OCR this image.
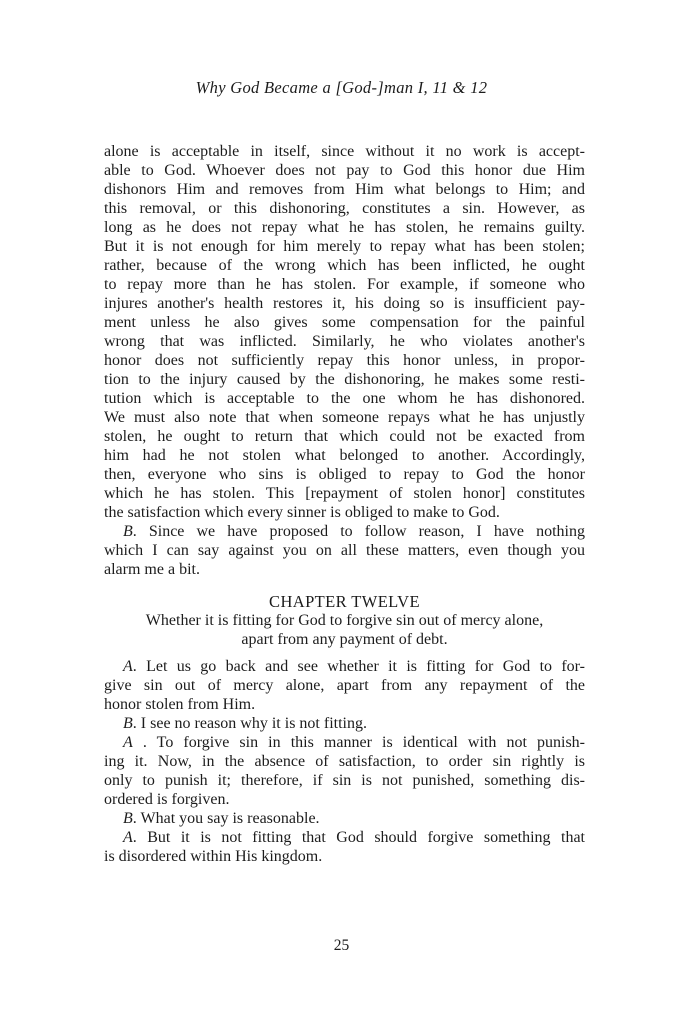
Why God Became a [God-]man I, 11 & 12
alone is acceptable in itself, since without it no work is accept-
able to God. Whoever does not pay to God this honor due Him
dishonors Him and removes from Him what belongs to Him; and
this removal, or this dishonoring, constitutes a sin. However, as
long as he does not repay what he has stolen, he remains guilty.
But it is not enough for him merely to repay what has been stolen;
rather, because of the wrong which has been inflicted, he ought
to repay more than he has stolen. For example, if someone who
injures another's health restores it, his doing so is insufficient pay-
ment unless he also gives some compensation for the painful
wrong that was inflicted. Similarly, he who violates another's
honor does not sufficiently repay this honor unless, in propor-
tion to the injury caused by the dishonoring, he makes some resti-
tution which is acceptable to the one whom he has dishonored.
We must also note that when someone repays what he has unjustly
stolen, he ought to return that which could not be exacted from
him had he not stolen what belonged to another. Accordingly,
then, everyone who sins is obliged to repay to God the honor
which he has stolen. This [repayment of stolen honor] constitutes
the satisfaction which every sinner is obliged to make to God.
B. Since we have proposed to follow reason, I have nothing
which I can say against you on all these matters, even though you
alarm me a bit.
CHAPTER TWELVE
Whether it is fitting for God to forgive sin out of mercy alone,
apart from any payment of debt.
A. Let us go back and see whether it is fitting for God to for-
give sin out of mercy alone, apart from any repayment of the
honor stolen from Him.
B. I see no reason why it is not fitting.
A . To forgive sin in this manner is identical with not punish-
ing it. Now, in the absence of satisfaction, to order sin rightly is
only to punish it; therefore, if sin is not punished, something dis-
ordered is forgiven.
B. What you say is reasonable.
A. But it is not fitting that God should forgive something that
is disordered within His kingdom.
25
